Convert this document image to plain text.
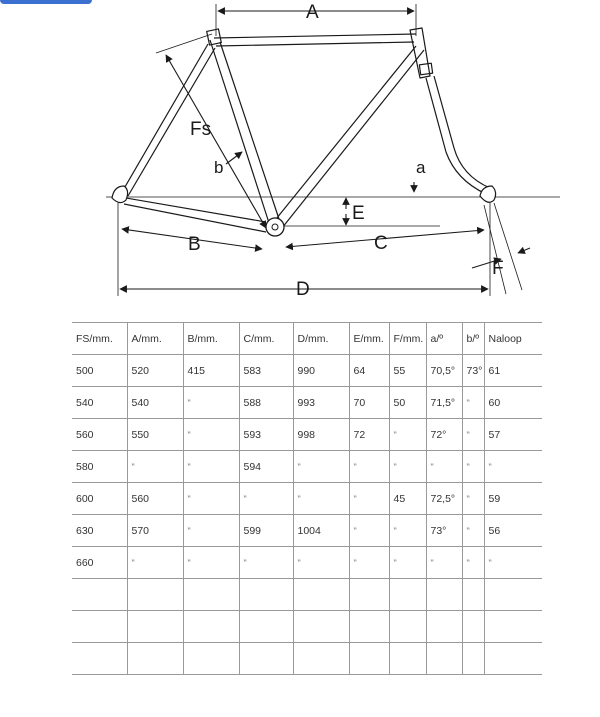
A
Fs
b	a
E
B	C
F
D
FS/mm.	A/mm.	B/mm.	C/mm.	D/mm.	E/mm.	F/mm.	a/º	b/º	Naloop
500	520	415	583	990	64	55	70,5°	73°	61
540	540	"	588	993	70	50	71,5°	"	60
560	550	"	593	998	72	"	72°	"	57
580	"	"	594	"	"	"	"	"	"
600	560	"	"	"	"	45	72,5°	"	59
630	570	"	599	1004	"	"	73°	"	56
660	"	"	"	"	"	"	"	"	"
